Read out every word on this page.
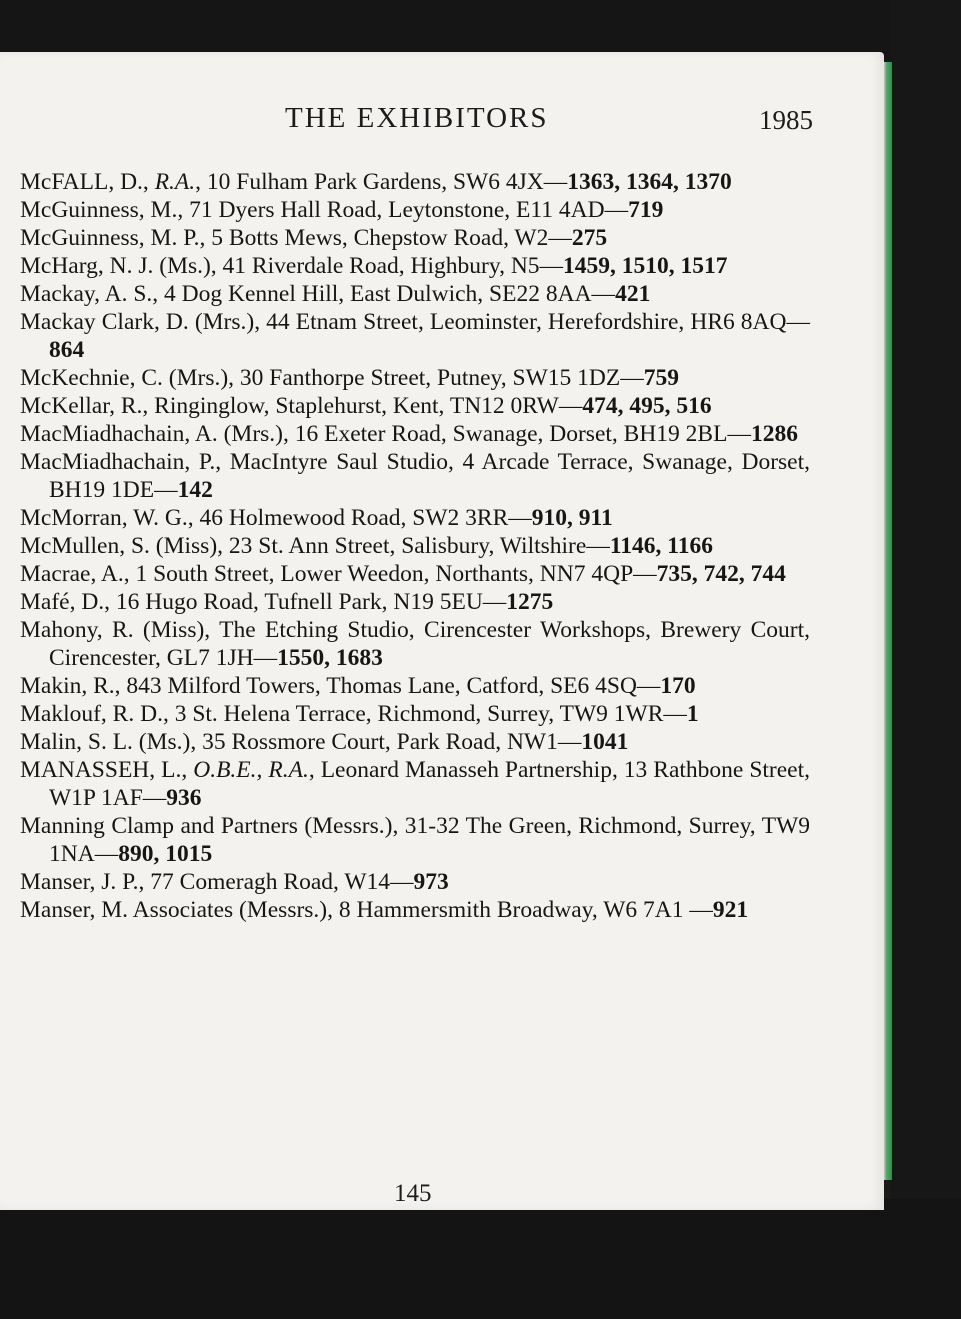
THE EXHIBITORS	1985
McFALL, D., R.A., 10 Fulham Park Gardens, SW6 4JX—1363, 1364, 1370
McGuinness, M., 71 Dyers Hall Road, Leytonstone, E11 4AD—719
McGuinness, M. P., 5 Botts Mews, Chepstow Road, W2—275
McHarg, N. J. (Ms.), 41 Riverdale Road, Highbury, N5—1459, 1510, 1517
Mackay, A. S., 4 Dog Kennel Hill, East Dulwich, SE22 8AA—421
Mackay Clark, D. (Mrs.), 44 Etnam Street, Leominster, Herefordshire, HR6 8AQ—864
McKechnie, C. (Mrs.), 30 Fanthorpe Street, Putney, SW15 1DZ—759
McKellar, R., Ringinglow, Staplehurst, Kent, TN12 0RW—474, 495, 516
MacMiadhachain, A. (Mrs.), 16 Exeter Road, Swanage, Dorset, BH19 2BL—1286
MacMiadhachain, P., MacIntyre Saul Studio, 4 Arcade Terrace, Swanage, Dorset, BH19 1DE—142
McMorran, W. G., 46 Holmewood Road, SW2 3RR—910, 911
McMullen, S. (Miss), 23 St. Ann Street, Salisbury, Wiltshire—1146, 1166
Macrae, A., 1 South Street, Lower Weedon, Northants, NN7 4QP—735, 742, 744
Mafé, D., 16 Hugo Road, Tufnell Park, N19 5EU—1275
Mahony, R. (Miss), The Etching Studio, Cirencester Workshops, Brewery Court, Cirencester, GL7 1JH—1550, 1683
Makin, R., 843 Milford Towers, Thomas Lane, Catford, SE6 4SQ—170
Maklouf, R. D., 3 St. Helena Terrace, Richmond, Surrey, TW9 1WR—1
Malin, S. L. (Ms.), 35 Rossmore Court, Park Road, NW1—1041
MANASSEH, L., O.B.E., R.A., Leonard Manasseh Partnership, 13 Rathbone Street, W1P 1AF—936
Manning Clamp and Partners (Messrs.), 31-32 The Green, Richmond, Surrey, TW9 1NA—890, 1015
Manser, J. P., 77 Comeragh Road, W14—973
Manser, M. Associates (Messrs.), 8 Hammersmith Broadway, W6 7A1 —921
145
